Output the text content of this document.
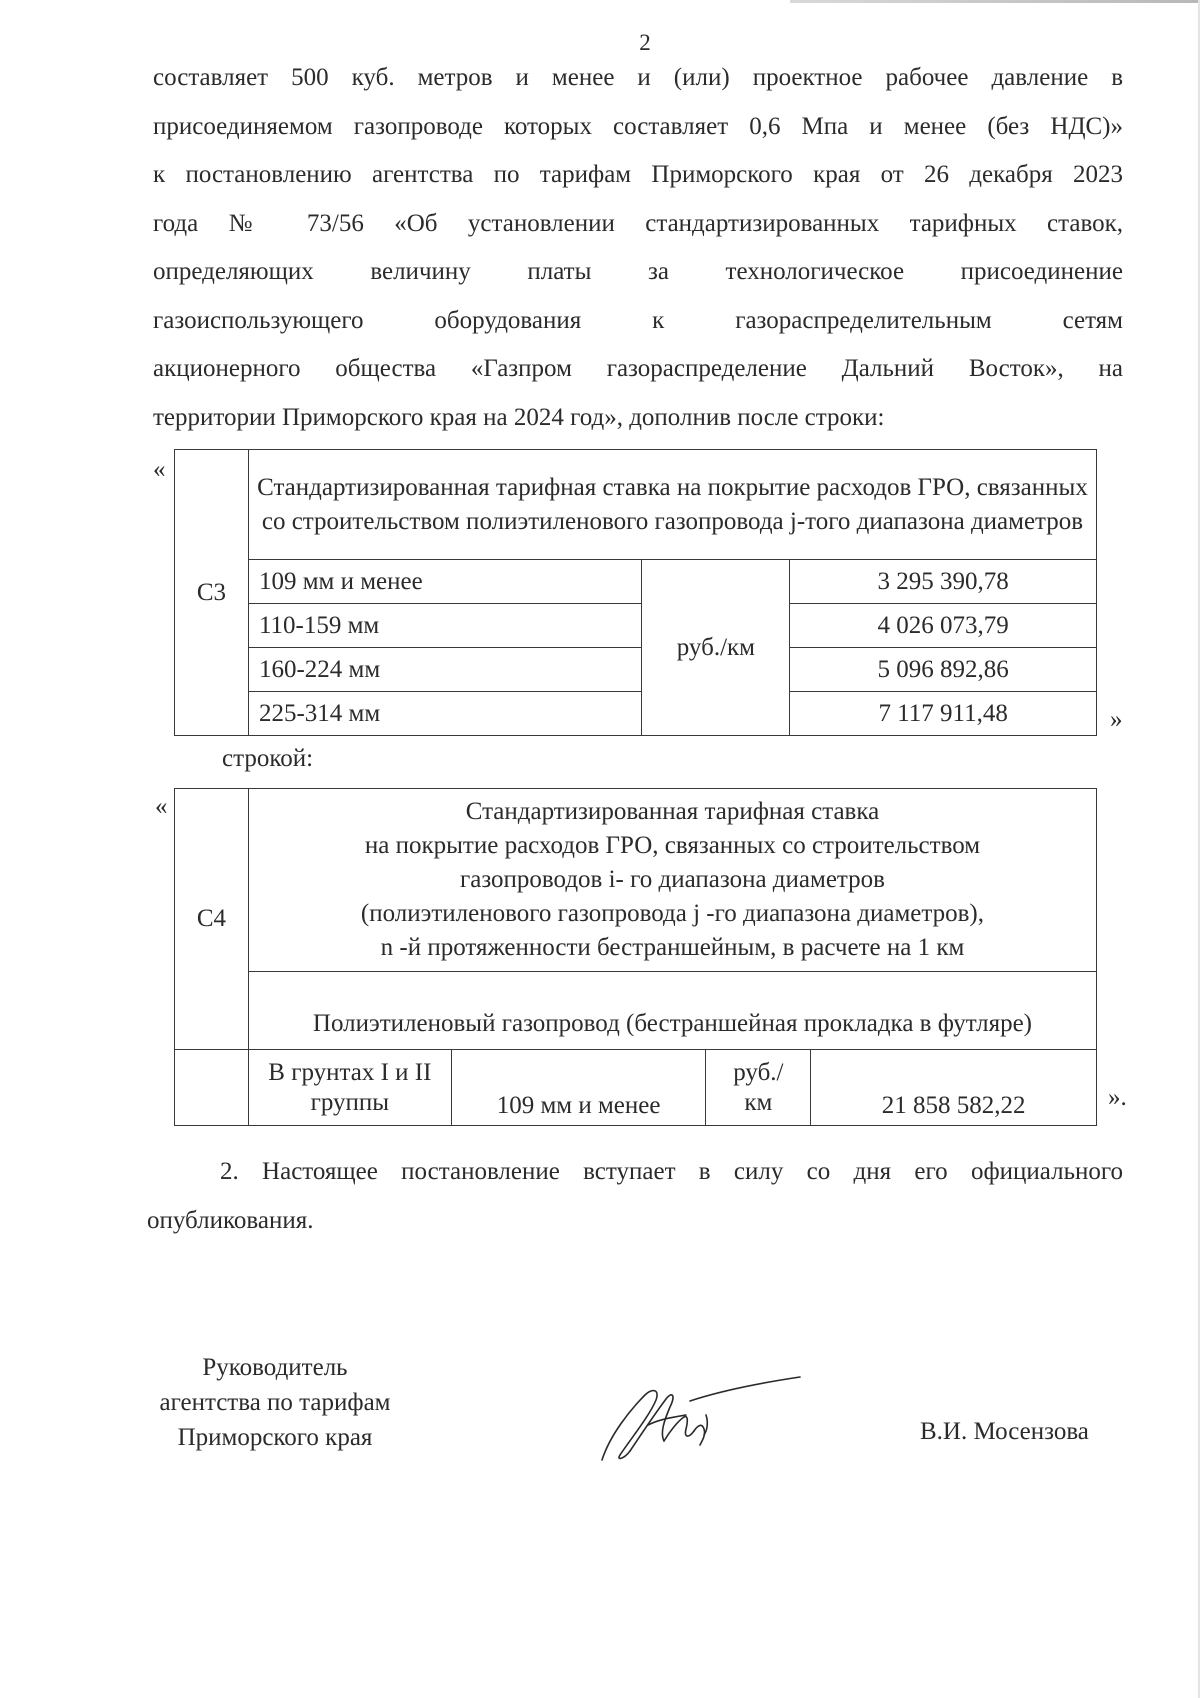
2
составляет 500 куб. метров и менее и (или) проектное рабочее давление в
присоединяемом газопроводе которых составляет 0,6 Мпа и менее (без НДС)»
к постановлению агентства по тарифам Приморского края от 26 декабря 2023
года № 73/56 «Об установлении стандартизированных тарифных ставок,
определяющих величину платы за технологическое присоединение
газоиспользующего оборудования к газораспределительным сетям
акционерного общества «Газпром газораспределение Дальний Восток», на
территории Приморского края на 2024 год», дополнив после строки:
«
С3	Стандартизированная тарифная ставка на покрытие расходов ГРО, связанных со строительством полиэтиленового газопровода j-того диапазона диаметров		
	109 мм и менее	руб./км	3 295 390,78
	110-159 мм		4 026 073,79
	160-224 мм		5 096 892,86
	225-314 мм		7 117 911,48	»
строкой:
«
С4	Стандартизированная тарифная ставка
на покрытие расходов ГРО, связанных со строительством
газопроводов i- го диапазона диаметров
(полиэтиленового газопровода j -го диапазона диаметров),
n -й протяженности бестраншейным, в расчете на 1 км			

	Полиэтиленовый газопровод (бестраншейная прокладка в футляре)			
	В грунтах I и II группы	109 мм и менее	руб./ км	21 858 582,22	».
2. Настоящее постановление вступает в силу со дня его официального
опубликования.
Руководитель
агентства по тарифам
Приморского края	В.И. Мосензова
